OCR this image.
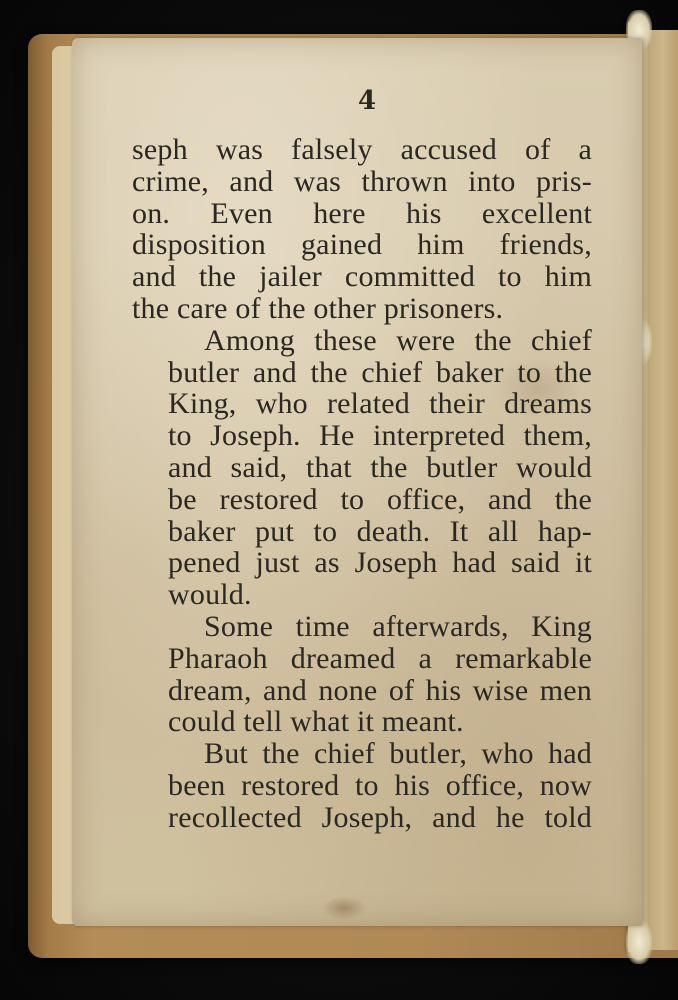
4

seph was falsely accused of a
crime, and was thrown into pris-
on. Even here his excellent
disposition gained him friends,
and the jailer committed to him
the care of the other prisoners.

Among these were the chief
butler and the chief baker to the
King, who related their dreams
to Joseph. He interpreted them,
and said, that the butler would
be restored to office, and the
baker put to death. It all hap-
pened just as Joseph had said it
would.

Some time afterwards, King
Pharaoh dreamed a remarkable
dream, and none of his wise men
could tell what it meant.

But the chief butler, who had
been restored to his office, now
recollected Joseph, and he told
